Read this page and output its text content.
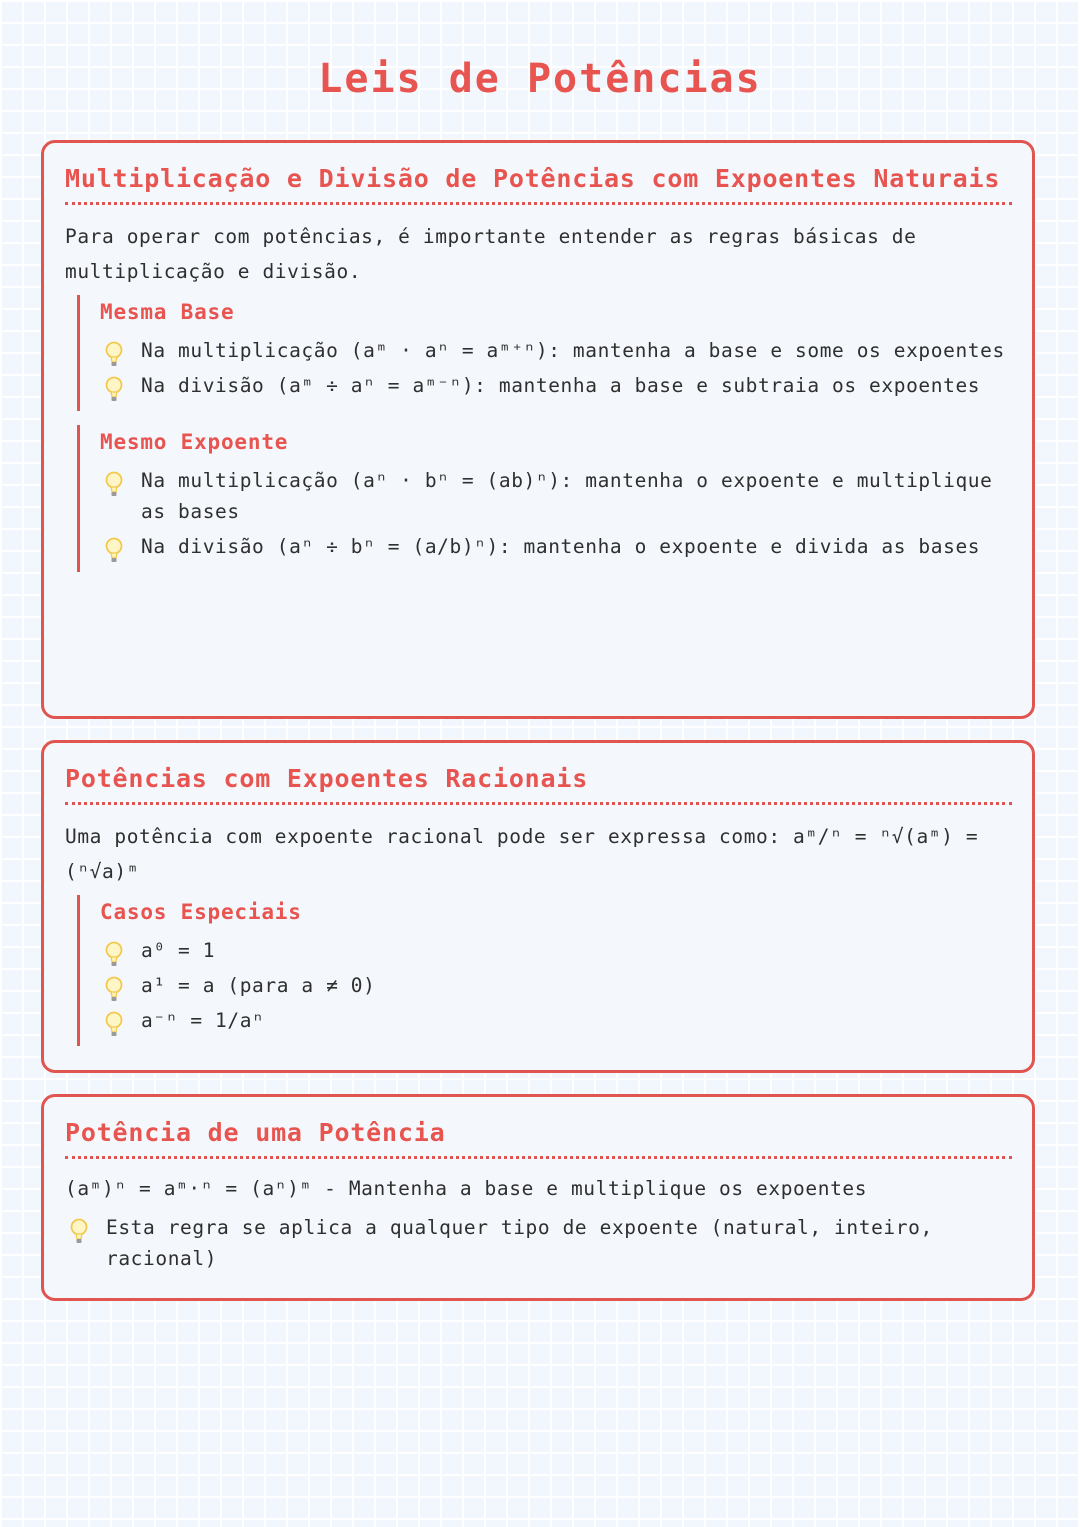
Leis de Potências
Multiplicação e Divisão de Potências com Expoentes Naturais

Para operar com potências, é importante entender as regras básicas de multiplicação e divisão.

Mesma Base
Na multiplicação (aᵐ · aⁿ = aᵐ⁺ⁿ): mantenha a base e some os expoentes
Na divisão (aᵐ ÷ aⁿ = aᵐ⁻ⁿ): mantenha a base e subtraia os expoentes
Mesmo Expoente
Na multiplicação (aⁿ · bⁿ = (ab)ⁿ): mantenha o expoente e multiplique as bases
Na divisão (aⁿ ÷ bⁿ = (a/b)ⁿ): mantenha o expoente e divida as bases
Potências com Expoentes Racionais

Uma potência com expoente racional pode ser expressa como: aᵐ/ⁿ = ⁿ√(aᵐ) = (ⁿ√a)ᵐ

Casos Especiais
a⁰ = 1
a¹ = a (para a ≠ 0)
a⁻ⁿ = 1/aⁿ
Potência de uma Potência

(aᵐ)ⁿ = aᵐ·ⁿ = (aⁿ)ᵐ - Mantenha a base e multiplique os expoentes

Esta regra se aplica a qualquer tipo de expoente (natural, inteiro, racional)
